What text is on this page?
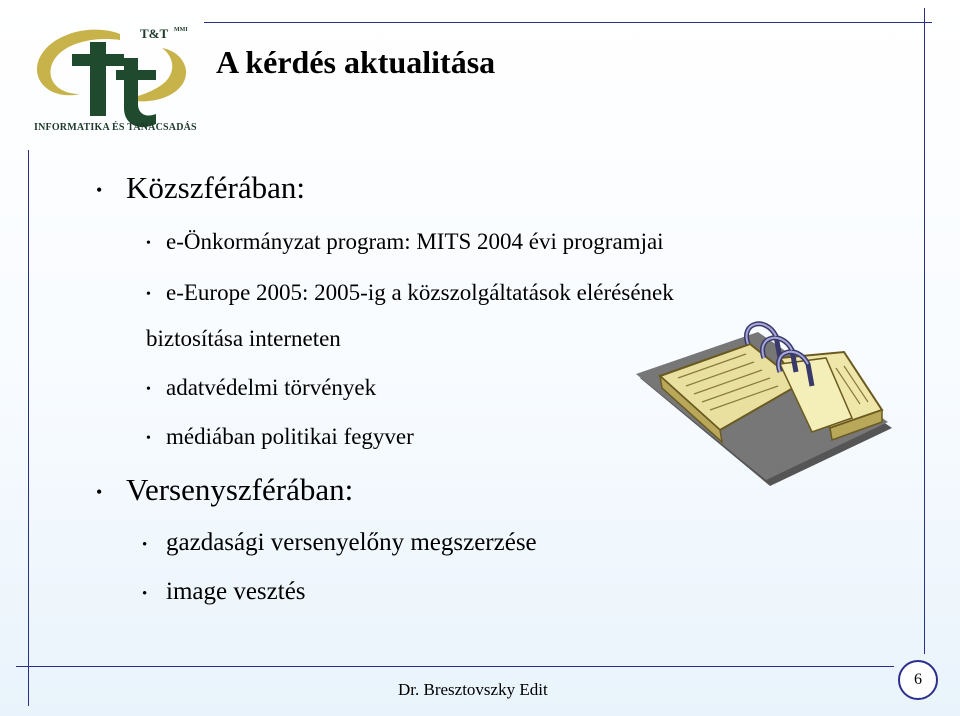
T&T MMI
INFORMATIKA ÉS TANÁCSADÁS
A kérdés aktualitása
• Közszférában:
• e-Önkormányzat program: MITS 2004 évi programjai
• e-Europe 2005: 2005-ig a közszolgáltatások elérésének
biztosítása interneten
• adatvédelmi törvények
• médiában politikai fegyver
• Versenyszférában:
• gazdasági versenyelőny megszerzése
• image vesztés
Dr. Bresztovszky Edit
6
